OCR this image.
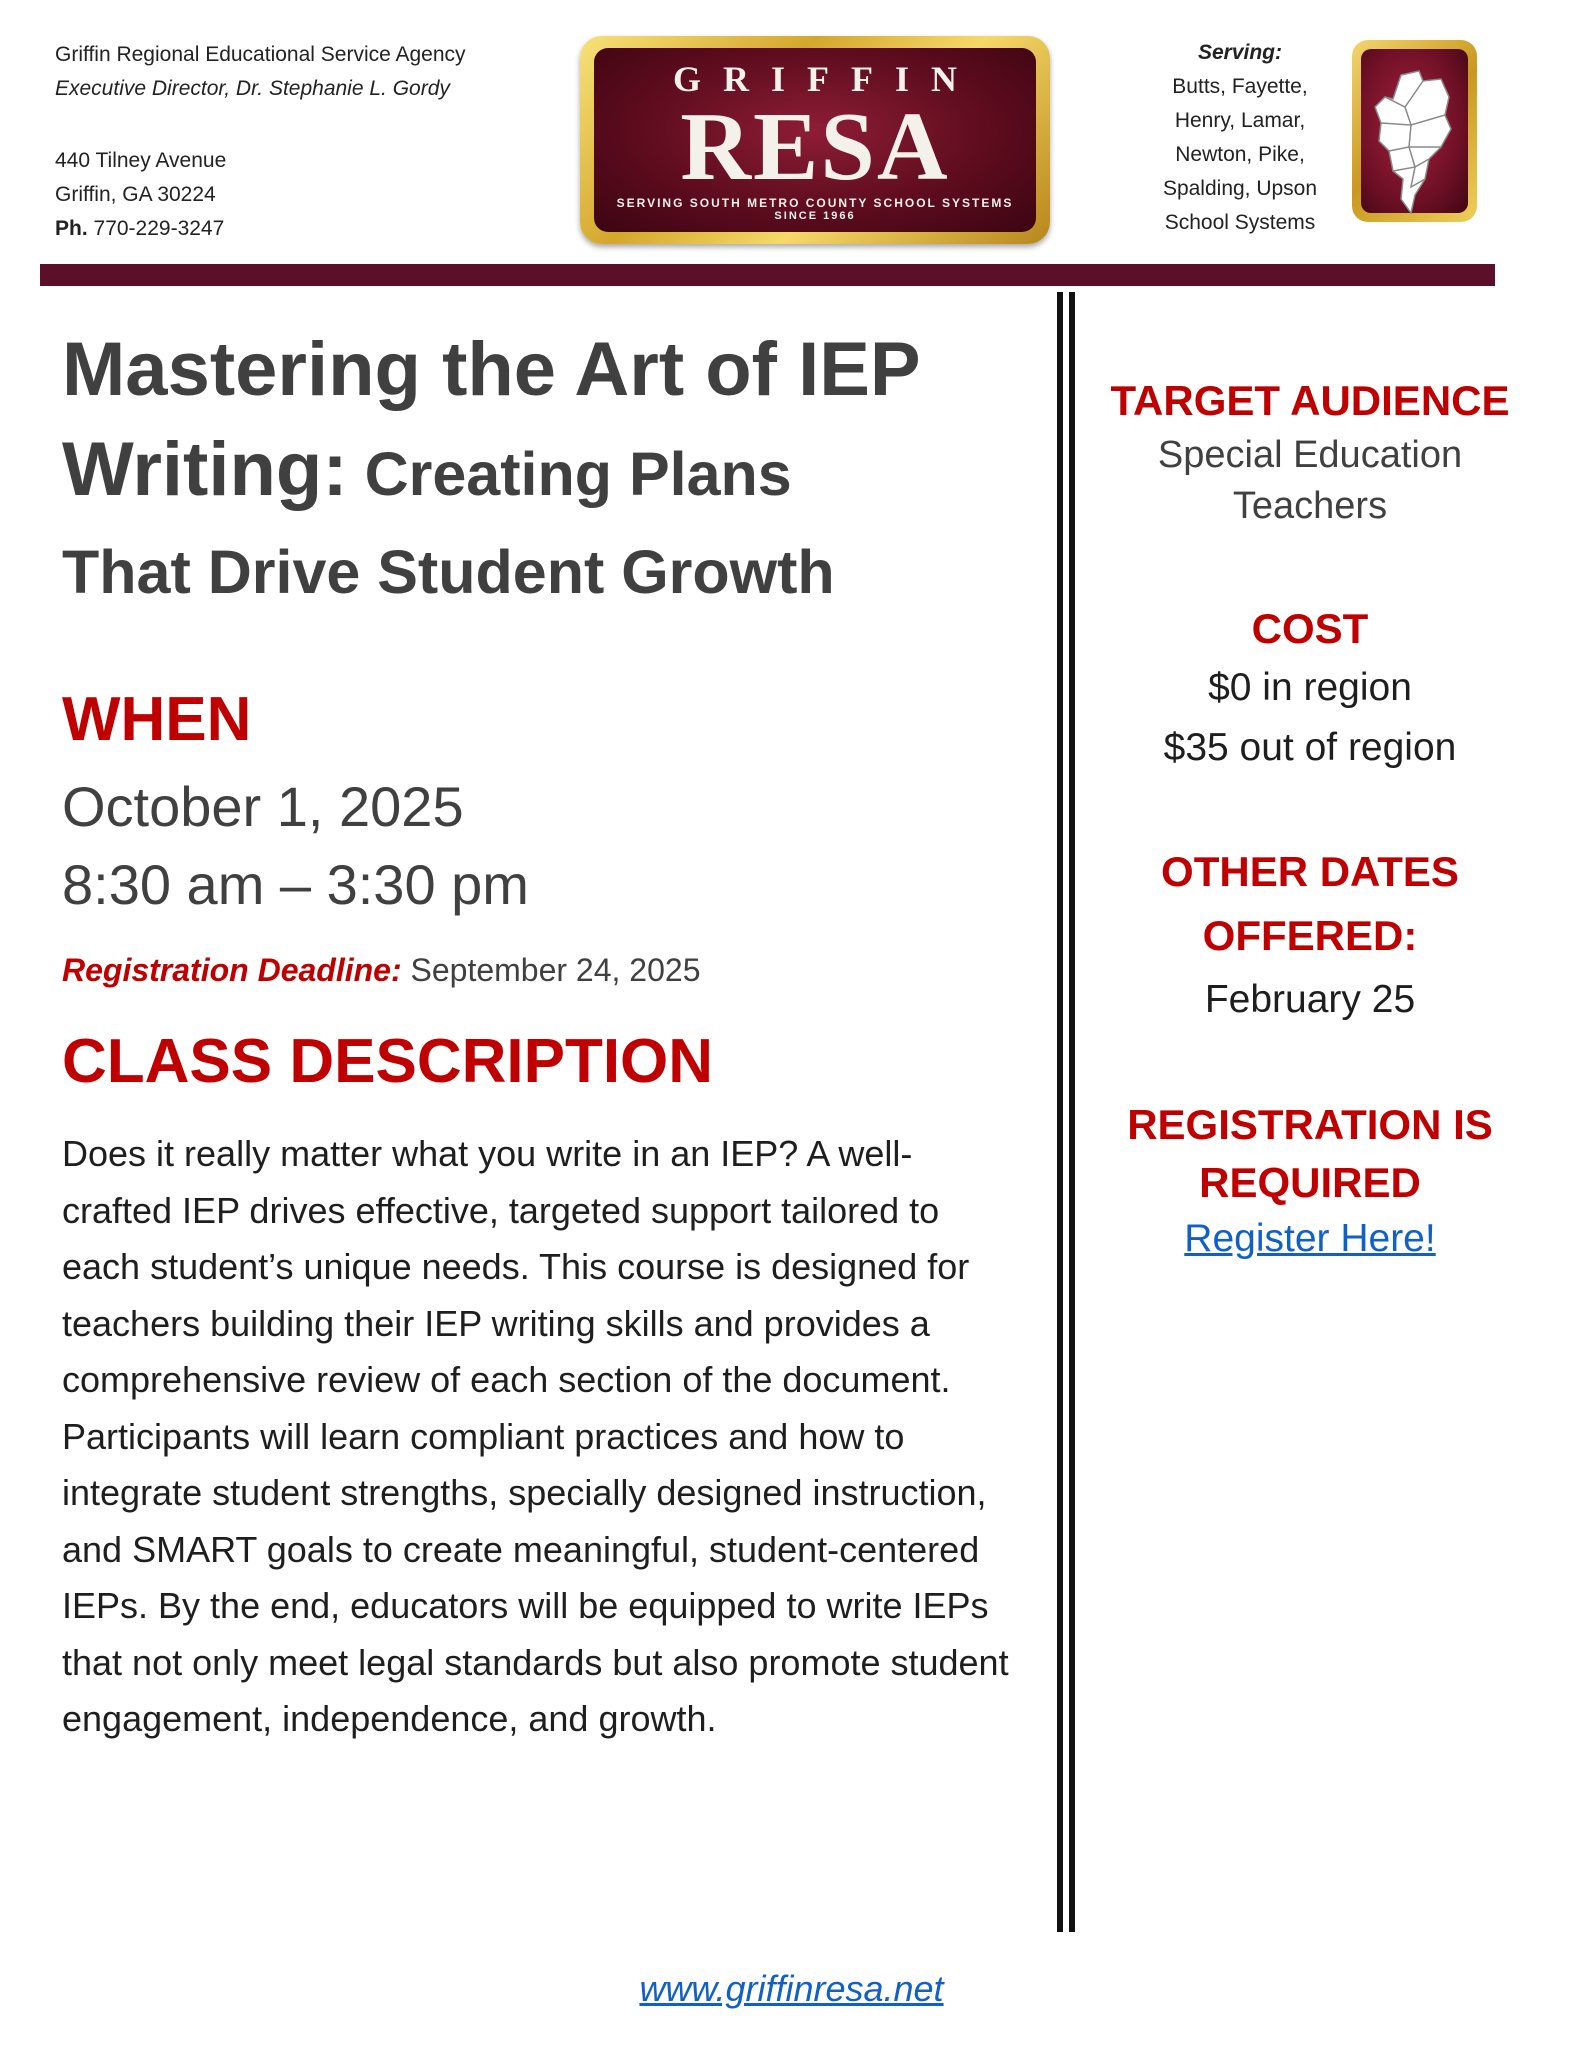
Griffin Regional Educational Service Agency
Executive Director, Dr. Stephanie L. Gordy
440 Tilney Avenue
Griffin, GA 30224
Ph. 770-229-3247
GRIFFIN
RESA
SERVING SOUTH METRO COUNTY SCHOOL SYSTEMS
SINCE 1966
Serving:
Butts, Fayette,
Henry, Lamar,
Newton, Pike,
Spalding, Upson
School Systems
Mastering the Art of IEP
Writing: Creating Plans
That Drive Student Growth
WHEN
October 1, 2025
8:30 am – 3:30 pm
Registration Deadline: September 24, 2025
CLASS DESCRIPTION
Does it really matter what you write in an IEP? A well-crafted IEP drives effective, targeted support tailored to each student’s unique needs. This course is designed for teachers building their IEP writing skills and provides a comprehensive review of each section of the document. Participants will learn compliant practices and how to integrate student strengths, specially designed instruction, and SMART goals to create meaningful, student-centered IEPs. By the end, educators will be equipped to write IEPs that not only meet legal standards but also promote student engagement, independence, and growth.
TARGET AUDIENCE
Special Education
Teachers
COST
$0 in region
$35 out of region
OTHER DATES
OFFERED:
February 25
REGISTRATION IS
REQUIRED
Register Here!
www.griffinresa.net
